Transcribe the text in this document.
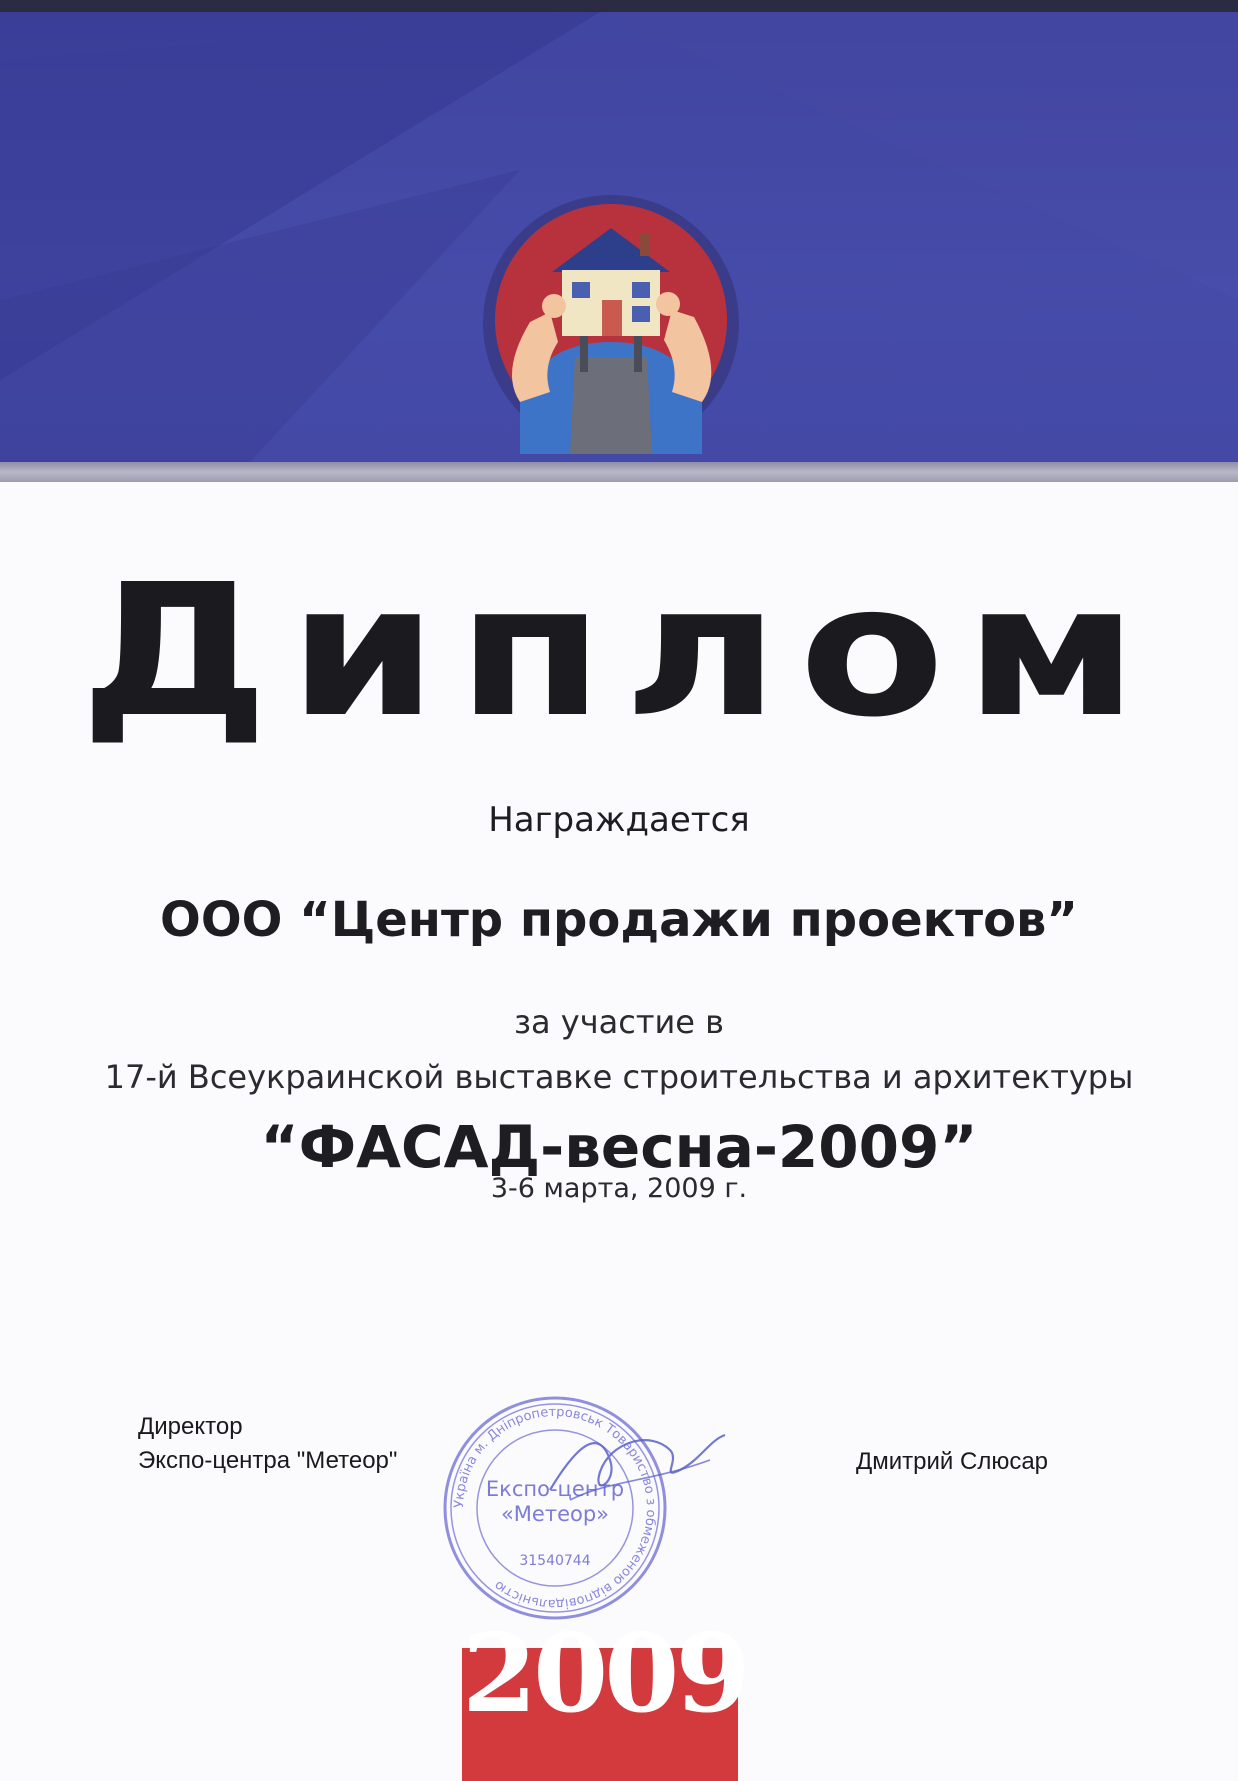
Диплом
Награждается
ООО “Центр продажи проектов”
за участие в
17-й Всеукраинской выставке строительства и архитектуры
“ФАСАД-весна-2009”
3-6 марта, 2009 г.
Директор
Экспо-центра "Метеор"	Дмитрий Слюсар
Україна м. Дніпропетровськ Товариство з обмеженою відповідальністю
Експо-центр
«Метеор»
31540744
2009
